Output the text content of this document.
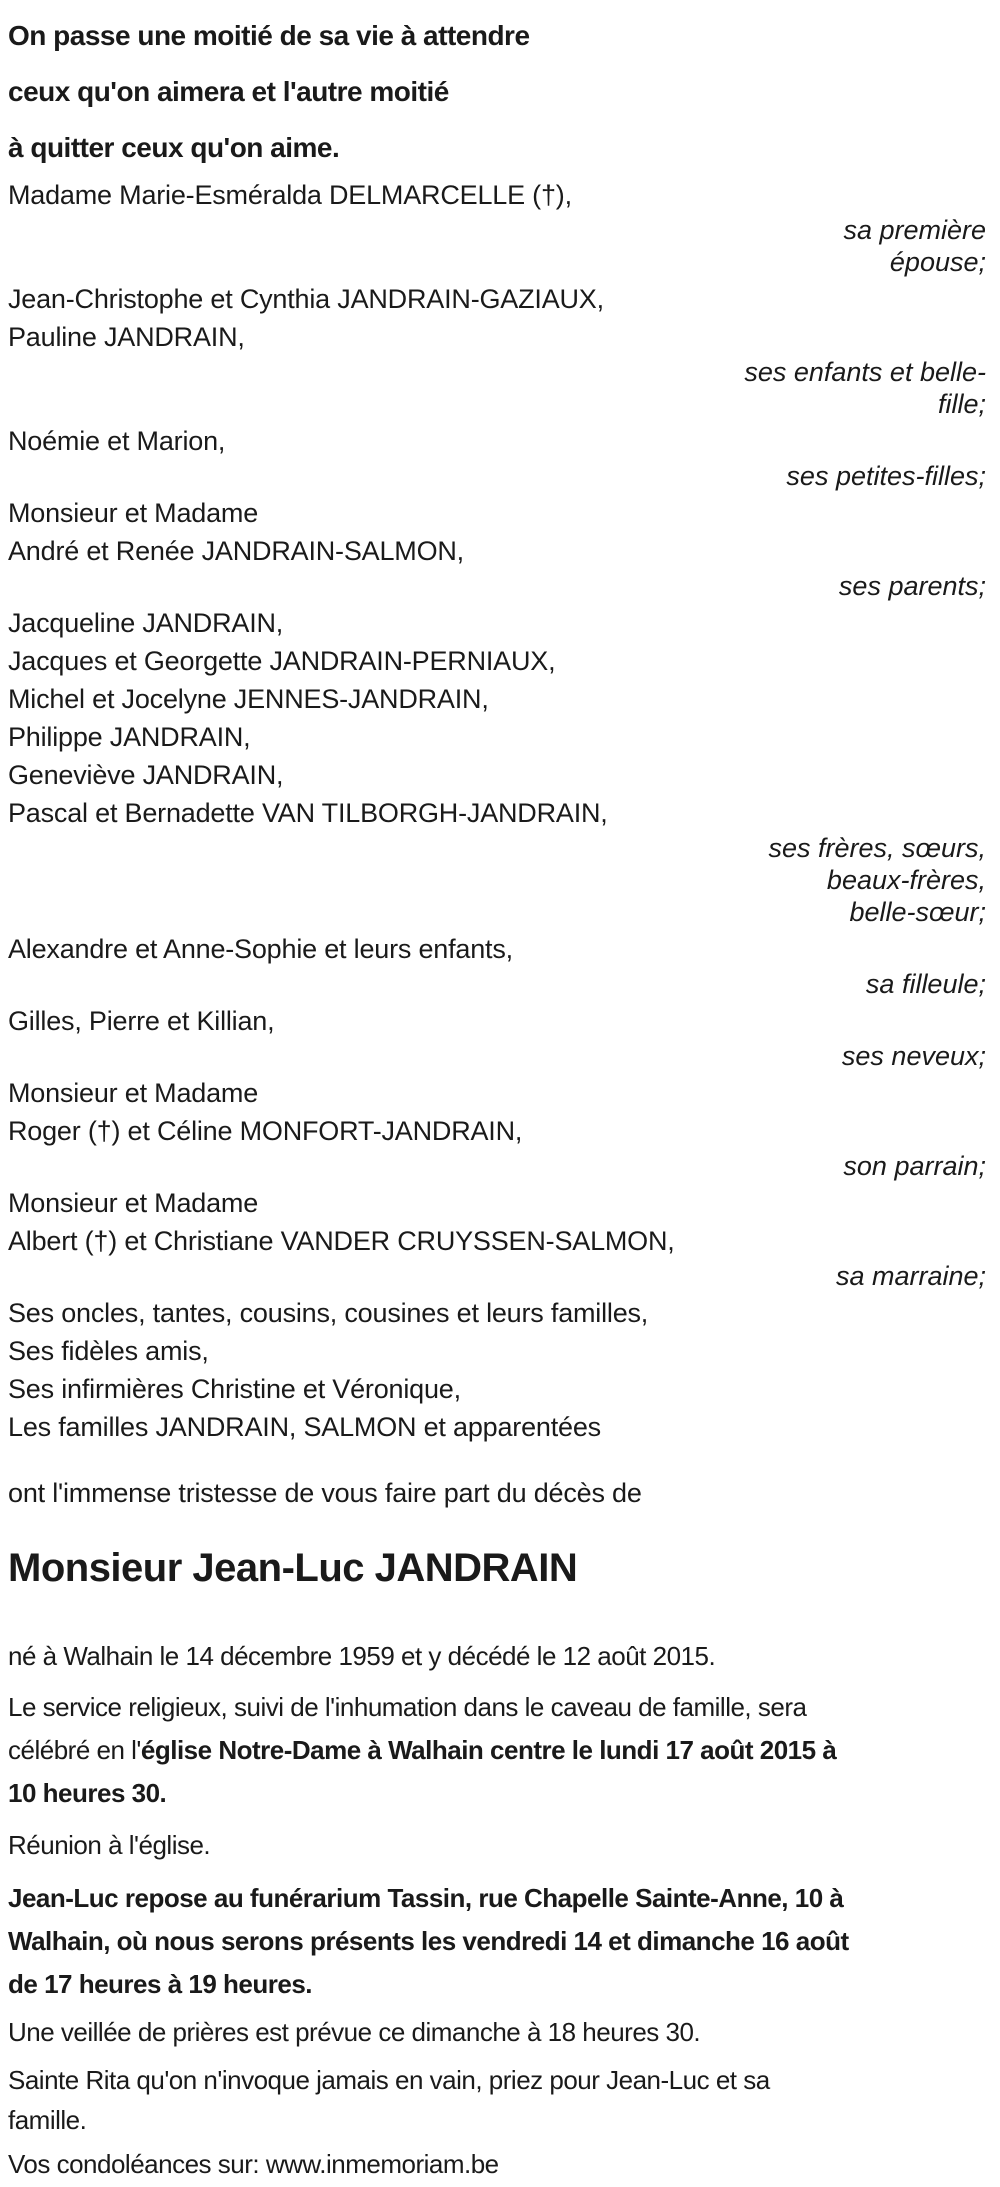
On passe une moitié de sa vie à attendre
ceux qu'on aimera et l'autre moitié
à quitter ceux qu'on aime.
Madame Marie-Esméralda DELMARCELLE (†),
sa première
épouse;
Jean-Christophe et Cynthia JANDRAIN-GAZIAUX,
Pauline JANDRAIN,
ses enfants et belle-
fille;
Noémie et Marion,
ses petites-filles;
Monsieur et Madame
André et Renée JANDRAIN-SALMON,
ses parents;
Jacqueline JANDRAIN,
Jacques et Georgette JANDRAIN-PERNIAUX,
Michel et Jocelyne JENNES-JANDRAIN,
Philippe JANDRAIN,
Geneviève JANDRAIN,
Pascal et Bernadette VAN TILBORGH-JANDRAIN,
ses frères, sœurs,
beaux-frères,
belle-sœur;
Alexandre et Anne-Sophie et leurs enfants,
sa filleule;
Gilles, Pierre et Killian,
ses neveux;
Monsieur et Madame
Roger (†) et Céline MONFORT-JANDRAIN,
son parrain;
Monsieur et Madame
Albert (†) et Christiane VANDER CRUYSSEN-SALMON,
sa marraine;
Ses oncles, tantes, cousins, cousines et leurs familles,
Ses fidèles amis,
Ses infirmières Christine et Véronique,
Les familles JANDRAIN, SALMON et apparentées
ont l'immense tristesse de vous faire part du décès de
Monsieur Jean-Luc JANDRAIN
né à Walhain le 14 décembre 1959 et y décédé le 12 août 2015.
Le service religieux, suivi de l'inhumation dans le caveau de famille, sera
célébré en l'église Notre-Dame à Walhain centre le lundi 17 août 2015 à
10 heures 30.
Réunion à l'église.
Jean-Luc repose au funérarium Tassin, rue Chapelle Sainte-Anne, 10 à
Walhain, où nous serons présents les vendredi 14 et dimanche 16 août
de 17 heures à 19 heures.
Une veillée de prières est prévue ce dimanche à 18 heures 30.
Sainte Rita qu'on n'invoque jamais en vain, priez pour Jean-Luc et sa
famille.
Vos condoléances sur: www.inmemoriam.be
